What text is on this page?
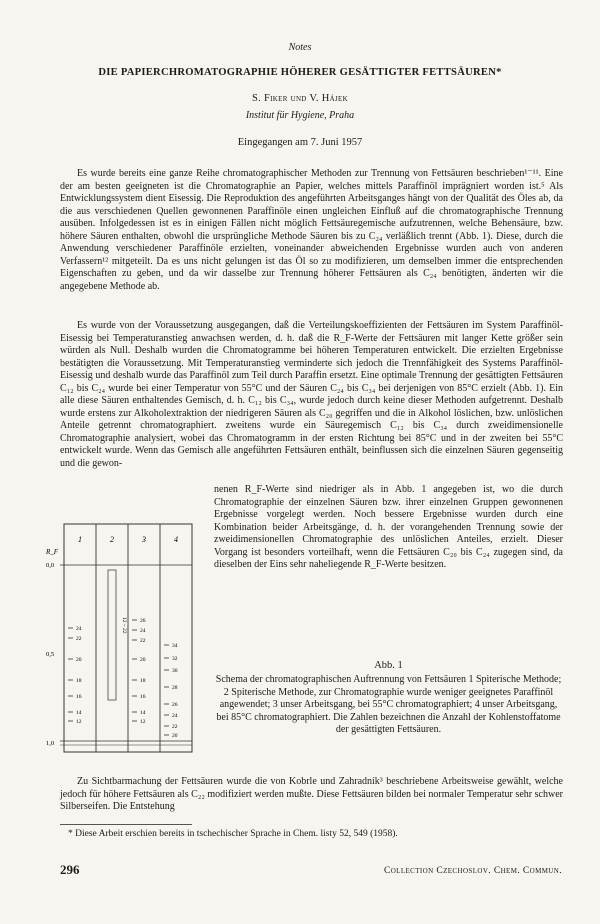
Notes
DIE PAPIERCHROMATOGRAPHIE HÖHERER GESÄTTIGTER FETTSÄUREN*
S. Fiker und V. Hájek
Institut für Hygiene, Praha
Eingegangen am 7. Juni 1957

Es wurde bereits eine ganze Reihe chromatographischer Methoden zur Trennung von Fettsäuren beschrieben¹⁻¹¹. Eine der am besten geeigneten ist die Chromatographie an Papier, welches mittels Paraffinöl imprägniert worden ist.⁵ Als Entwicklungssystem dient Eisessig. Die Reproduktion des angeführten Arbeitsganges hängt von der Qualität des Öles ab, da die aus verschiedenen Quellen gewonnenen Paraffinöle einen ungleichen Einfluß auf die chromatographische Trennung ausüben. Infolgedessen ist es in einigen Fällen nicht möglich Fettsäuregemische aufzutrennen, welche Behensäure, bzw. höhere Säuren enthalten, obwohl die ursprüngliche Methode Säuren bis zu C₂₄ verläßlich trennt (Abb. 1). Diese, durch die Anwendung verschiedener Paraffinöle erzielten, voneinander abweichenden Ergebnisse wurden auch von anderen Verfassern¹² mitgeteilt. Da es uns nicht gelungen ist das Öl so zu modifizieren, um demselben immer die entsprechenden Eigenschaften zu geben, und da wir dasselbe zur Trennung höherer Fettsäuren als C₂₄ benötigten, änderten wir die angegebene Methode ab.

Es wurde von der Voraussetzung ausgegangen, daß die Verteilungskoeffizienten der Fettsäuren im System Paraffinöl-Eisessig bei Temperaturanstieg anwachsen werden, d. h. daß die R_F-Werte der Fettsäuren mit langer Kette größer sein würden als Null. Deshalb wurden die Chromatogramme bei höheren Temperaturen entwickelt. Die erzielten Ergebnisse bestätigten die Voraussetzung. Mit Temperaturanstieg verminderte sich jedoch die Trennfähigkeit des Systems Paraffinöl-Eisessig und deshalb wurde das Paraffinöl zum Teil durch Paraffin ersetzt. Eine optimale Trennung der gesättigten Fettsäuren C₁₂ bis C₂₄ wurde bei einer Temperatur von 55°C und der Säuren C₂₄ bis C₃₄ bei derjenigen von 85°C erzielt (Abb. 1). Ein alle diese Säuren enthaltendes Gemisch, d. h. C₁₂ bis C₃₄, wurde jedoch durch keine dieser Methoden aufgetrennt. Deshalb wurde erstens zur Alkoholextraktion der niedrigeren Säuren als C₂₀ gegriffen und die in Alkohol löslichen, bzw. unlöslichen Anteile getrennt chromatographiert. zweitens wurde ein Säuregemisch C₁₂ bis C₃₄ durch zweidimensionelle Chromatographie analysiert, wobei das Chromatogramm in der ersten Richtung bei 85°C und in der zweiten bei 55°C entwickelt wurde. Wenn das Gemisch alle angeführten Fettsäuren enthält, beinflussen sich die einzelnen Säuren gegenseitig und die gewon-

nenen R_F-Werte sind niedriger als in Abb. 1 angegeben ist, wo die durch Chromatographie der einzelnen Säuren bzw. ihrer einzelnen Gruppen gewonnenen Ergebnisse vorgelegt werden. Noch bessere Ergebnisse wurden durch eine Kombination beider Arbeitsgänge, d. h. der vorangehenden Trennung sowie der zweidimensionellen Chromatographie des unlöslichen Anteiles, erzielt. Dieser Vorgang ist besonders vorteilhaft, wenn die Fettsäuren C₂₀ bis C₂₄ zugegen sind, da dieselben der Eins sehr naheliegende R_F-Werte besitzen.

R_F
0,0
0,5
1,0
1	2	3	4
12 – 22
24
22
20
18
16
14
12
26
24
22
20
18
16
14
12
34
32
30
28
26
24
22
20
Abb. 1

Schema der chromatographischen Auftrennung von Fettsäuren 1 Spiterische Methode; 2 Spiterische Methode, zur Chromatographie wurde weniger geeignetes Paraffinöl angewendet; 3 unser Arbeitsgang, bei 55°C chromatographiert; 4 unser Arbeitsgang, bei 85°C chromatographiert. Die Zahlen bezeichnen die Anzahl der Kohlenstoffatome der gesättigten Fettsäuren.

Zu Sichtbarmachung der Fettsäuren wurde die von Kobrle und Zahradník³ beschriebene Arbeitsweise gewählt, welche jedoch für höhere Fettsäuren als C₂₂ modifiziert werden mußte. Diese Fettsäuren bilden bei normaler Temperatur sehr schwer Silberseifen. Die Entstehung

* Diese Arbeit erschien bereits in tschechischer Sprache in Chem. listy 52, 549 (1958).
296	Collection Czechoslov. Chem. Commun.
